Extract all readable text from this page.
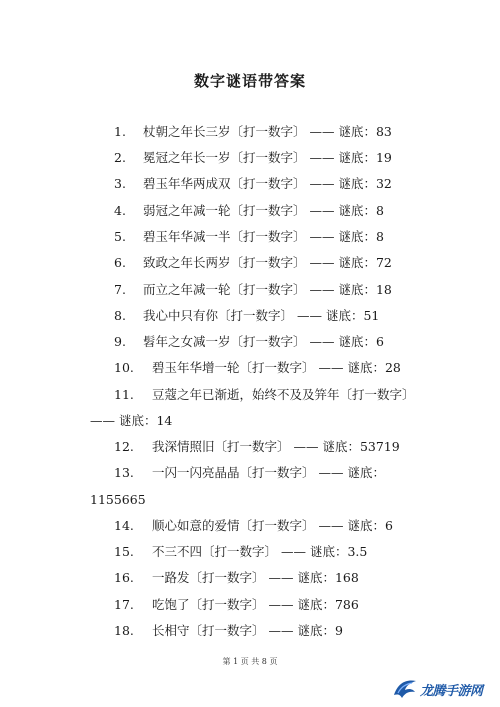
数字谜语带答案
1. 杖朝之年长三岁〔打一数字〕 —— 谜底：83
2. 冕冠之年长一岁〔打一数字〕 —— 谜底：19
3. 碧玉年华两成双〔打一数字〕 —— 谜底：32
4. 弱冠之年减一轮〔打一数字〕 —— 谜底：8
5. 碧玉年华减一半〔打一数字〕 —— 谜底：8
6. 致政之年长两岁〔打一数字〕 —— 谜底：72
7. 而立之年减一轮〔打一数字〕 —— 谜底：18
8. 我心中只有你〔打一数字〕 —— 谜底：51
9. 髫年之女减一岁〔打一数字〕 —— 谜底：6
10. 碧玉年华增一轮〔打一数字〕 —— 谜底：28
11. 豆蔻之年已渐逝，始终不及及笄年〔打一数字〕
—— 谜底：14
12. 我深情照旧〔打一数字〕 —— 谜底：53719
13. 一闪一闪亮晶晶〔打一数字〕 —— 谜底：
1155665
14. 顺心如意的爱情〔打一数字〕 —— 谜底：6
15. 不三不四〔打一数字〕 —— 谜底：3.5
16. 一路发〔打一数字〕 —— 谜底：168
17. 吃饱了〔打一数字〕 —— 谜底：786
18. 长相守〔打一数字〕 —— 谜底：9
第 1 页 共 8 页
龙腾手游网
